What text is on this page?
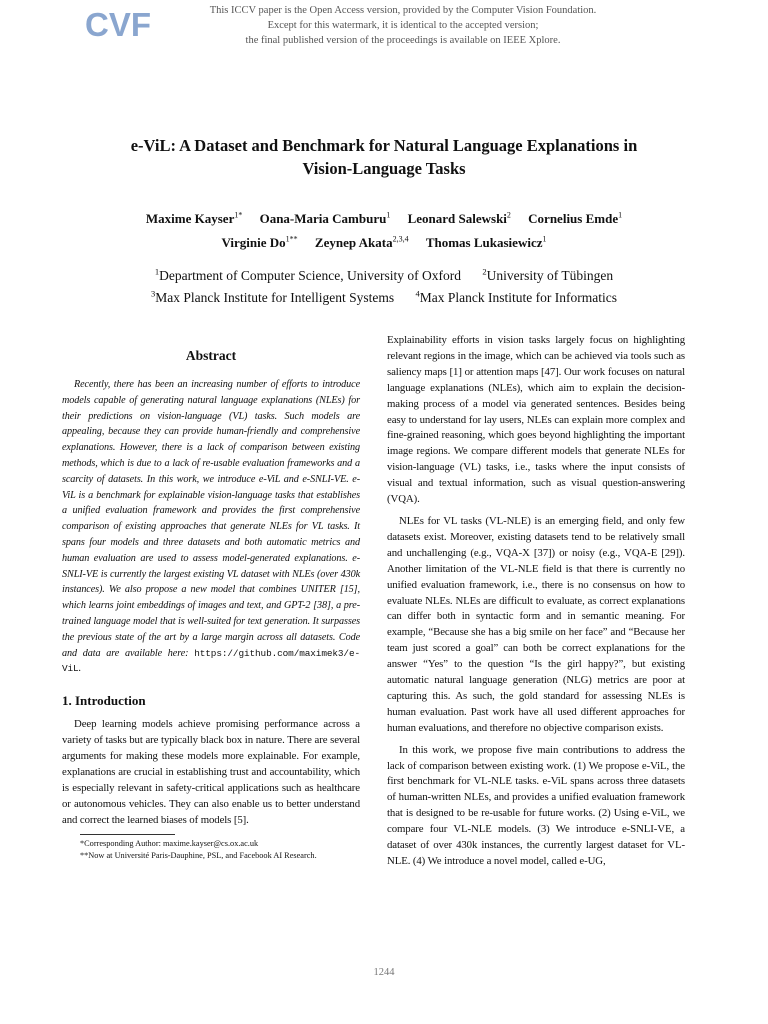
CVF	This ICCV paper is the Open Access version, provided by the Computer Vision Foundation.
Except for this watermark, it is identical to the accepted version;
the final published version of the proceedings is available on IEEE Xplore.
e-ViL: A Dataset and Benchmark for Natural Language Explanations in
Vision-Language Tasks
Maxime Kayser$^{1*}$ Oana-Maria Camburu$^1$ Leonard Salewski$^2$ Cornelius Emde$^1$
Virginie $Do^{1**}$ Zeynep Akata$^{2,3,4}$ Thomas Lukasiewicz$^1$
$^1$Department of Computer Science, University of Oxford	$^2$University of Tübingen
$^3$Max Planck Institute for Intelligent Systems	$^4$Max Planck Institute for Informatics
Abstract

Recently, there has been an increasing number of efforts to introduce models capable of generating natural language explanations (NLEs) for their predictions on vision-language (VL) tasks. Such models are appealing, because they can provide human-friendly and comprehensive explanations. However, there is a lack of comparison between existing methods, which is due to a lack of re-usable evaluation frameworks and a scarcity of datasets. In this work, we introduce e-ViL and e-SNLI-VE. e-ViL is a benchmark for explainable vision-language tasks that establishes a unified evaluation framework and provides the first comprehensive comparison of existing approaches that generate NLEs for VL tasks. It spans four models and three datasets and both automatic metrics and human evaluation are used to assess model-generated explanations. e-SNLI-VE is currently the largest existing VL dataset with NLEs (over 430k instances). We also propose a new model that combines UNITER [15], which learns joint embeddings of images and text, and GPT-2 [38], a pre-trained language model that is well-suited for text generation. It surpasses the previous state of the art by a large margin across all datasets. Code and data are available here: https://github.com/maximek3/e-ViL.

1. Introduction

Deep learning models achieve promising performance across a variety of tasks but are typically black box in nature. There are several arguments for making these models more explainable. For example, explanations are crucial in establishing trust and accountability, which is especially relevant in safety-critical applications such as healthcare or autonomous vehicles. They can also enable us to better understand and correct the learned biases of models [5].

*Corresponding Author: maxime.kayser@cs.ox.ac.uk
**Now at Université Paris-Dauphine, PSL, and Facebook AI Research.

Explainability efforts in vision tasks largely focus on highlighting relevant regions in the image, which can be achieved via tools such as saliency maps [1] or attention maps [47]. Our work focuses on natural language explanations (NLEs), which aim to explain the decision-making process of a model via generated sentences. Besides being easy to understand for lay users, NLEs can explain more complex and fine-grained reasoning, which goes beyond highlighting the important image regions. We compare different models that generate NLEs for vision-language (VL) tasks, i.e., tasks where the input consists of visual and textual information, such as visual question-answering (VQA).

NLEs for VL tasks (VL-NLE) is an emerging field, and only few datasets exist. Moreover, existing datasets tend to be relatively small and unchallenging (e.g., VQA-X [37]) or noisy (e.g., VQA-E [29]). Another limitation of the VL-NLE field is that there is currently no unified evaluation framework, i.e., there is no consensus on how to evaluate NLEs. NLEs are difficult to evaluate, as correct explanations can differ both in syntactic form and in semantic meaning. For example, “Because she has a big smile on her face” and “Because her team just scored a goal” can both be correct explanations for the answer “Yes” to the question “Is the girl happy?”, but existing automatic natural language generation (NLG) metrics are poor at capturing this. As such, the gold standard for assessing NLEs is human evaluation. Past work have all used different approaches for human evaluations, and therefore no objective comparison exists.

In this work, we propose five main contributions to address the lack of comparison between existing work. (1) We propose e-ViL, the first benchmark for VL-NLE tasks. e-ViL spans across three datasets of human-written NLEs, and provides a unified evaluation framework that is designed to be re-usable for future works. (2) Using e-ViL, we compare four VL-NLE models. (3) We introduce e-SNLI-VE, a dataset of over 430k instances, the currently largest dataset for VL-NLE. (4) We introduce a novel model, called e-UG,

1244
